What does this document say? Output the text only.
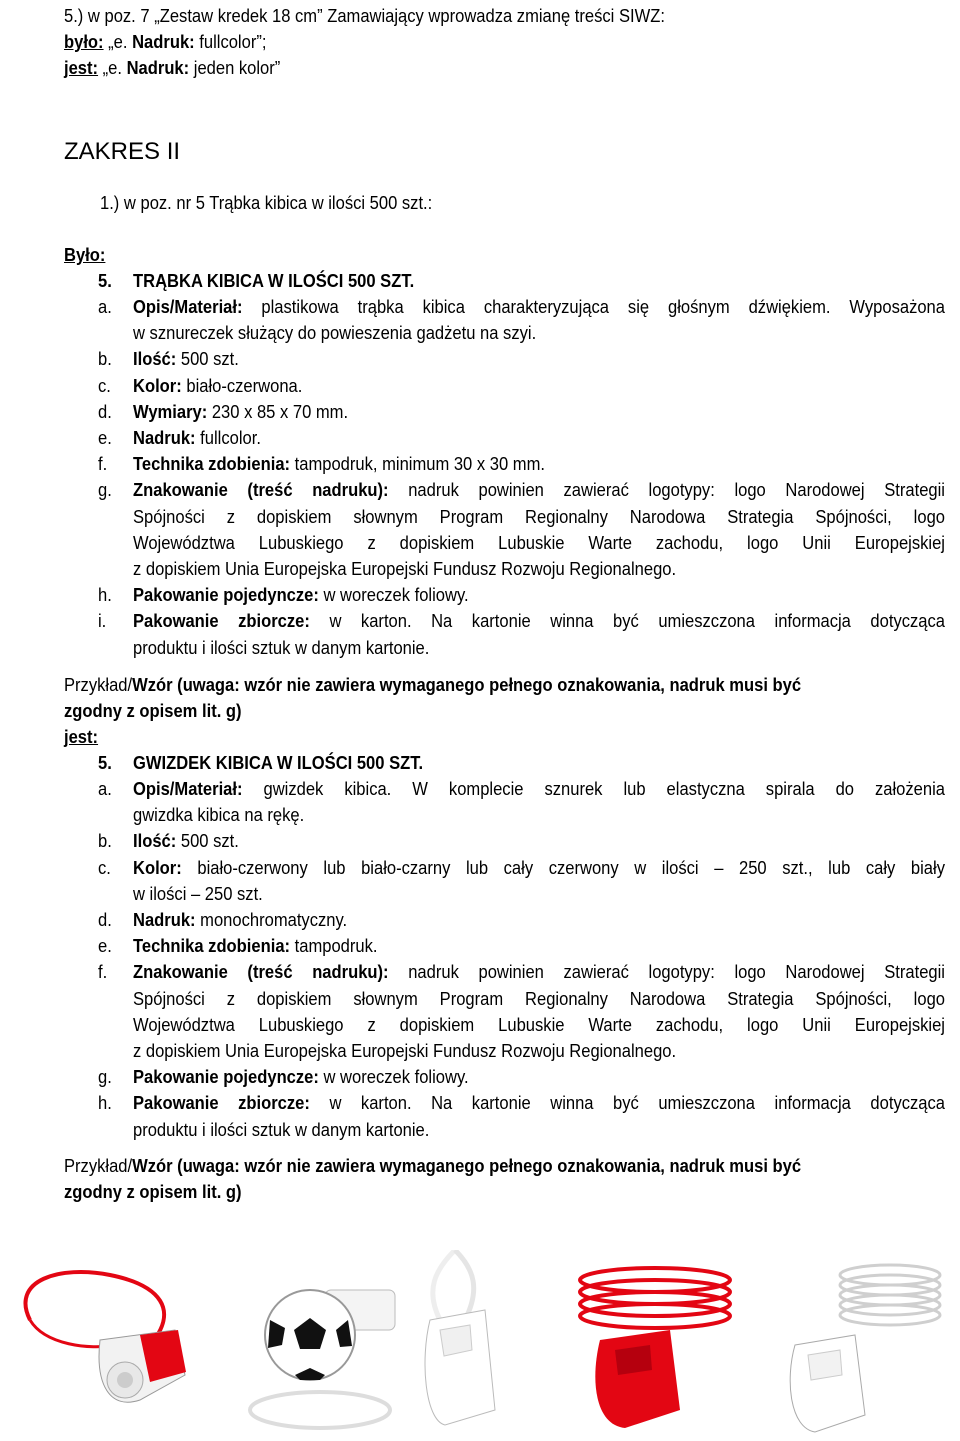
5.) w poz. 7 „Zestaw kredek 18 cm” Zamawiający wprowadza zmianę treści SIWZ:
było: „e. Nadruk: fullcolor”;
jest: „e. Nadruk: jeden kolor”
ZAKRES II
1.) w poz. nr 5 Trąbka kibica w ilości 500 szt.:
Było:
5. TRĄBKA KIBICA W ILOŚCI 500 SZT.
a. Opis/Materiał: plastikowa trąbka kibica charakteryzująca się głośnym dźwiękiem. Wyposażona
w sznureczek służący do powieszenia gadżetu na szyi.
b. Ilość: 500 szt.
c. Kolor: biało-czerwona.
d. Wymiary: 230 x 85 x 70 mm.
e. Nadruk: fullcolor.
f. Technika zdobienia: tampodruk, minimum 30 x 30 mm.
g. Znakowanie (treść nadruku): nadruk powinien zawierać logotypy: logo Narodowej Strategii
Spójności z dopiskiem słownym Program Regionalny Narodowa Strategia Spójności, logo
Województwa Lubuskiego z dopiskiem Lubuskie Warte zachodu, logo Unii Europejskiej
z dopiskiem Unia Europejska Europejski Fundusz Rozwoju Regionalnego.
h. Pakowanie pojedyncze: w woreczek foliowy.
i. Pakowanie zbiorcze: w karton. Na kartonie winna być umieszczona informacja dotycząca
produktu i ilości sztuk w danym kartonie.
Przykład/Wzór (uwaga: wzór nie zawiera wymaganego pełnego oznakowania, nadruk musi być
zgodny z opisem lit. g)
jest:
5. GWIZDEK KIBICA W ILOŚCI 500 SZT.
a. Opis/Materiał: gwizdek kibica. W komplecie sznurek lub elastyczna spirala do założenia
gwizdka kibica na rękę.
b. Ilość: 500 szt.
c. Kolor: biało-czerwony lub biało-czarny lub cały czerwony w ilości – 250 szt., lub cały biały
w ilości – 250 szt.
d. Nadruk: monochromatyczny.
e. Technika zdobienia: tampodruk.
f. Znakowanie (treść nadruku): nadruk powinien zawierać logotypy: logo Narodowej Strategii
Spójności z dopiskiem słownym Program Regionalny Narodowa Strategia Spójności, logo
Województwa Lubuskiego z dopiskiem Lubuskie Warte zachodu, logo Unii Europejskiej
z dopiskiem Unia Europejska Europejski Fundusz Rozwoju Regionalnego.
g. Pakowanie pojedyncze: w woreczek foliowy.
h. Pakowanie zbiorcze: w karton. Na kartonie winna być umieszczona informacja dotycząca
produktu i ilości sztuk w danym kartonie.
Przykład/Wzór (uwaga: wzór nie zawiera wymaganego pełnego oznakowania, nadruk musi być
zgodny z opisem lit. g)
